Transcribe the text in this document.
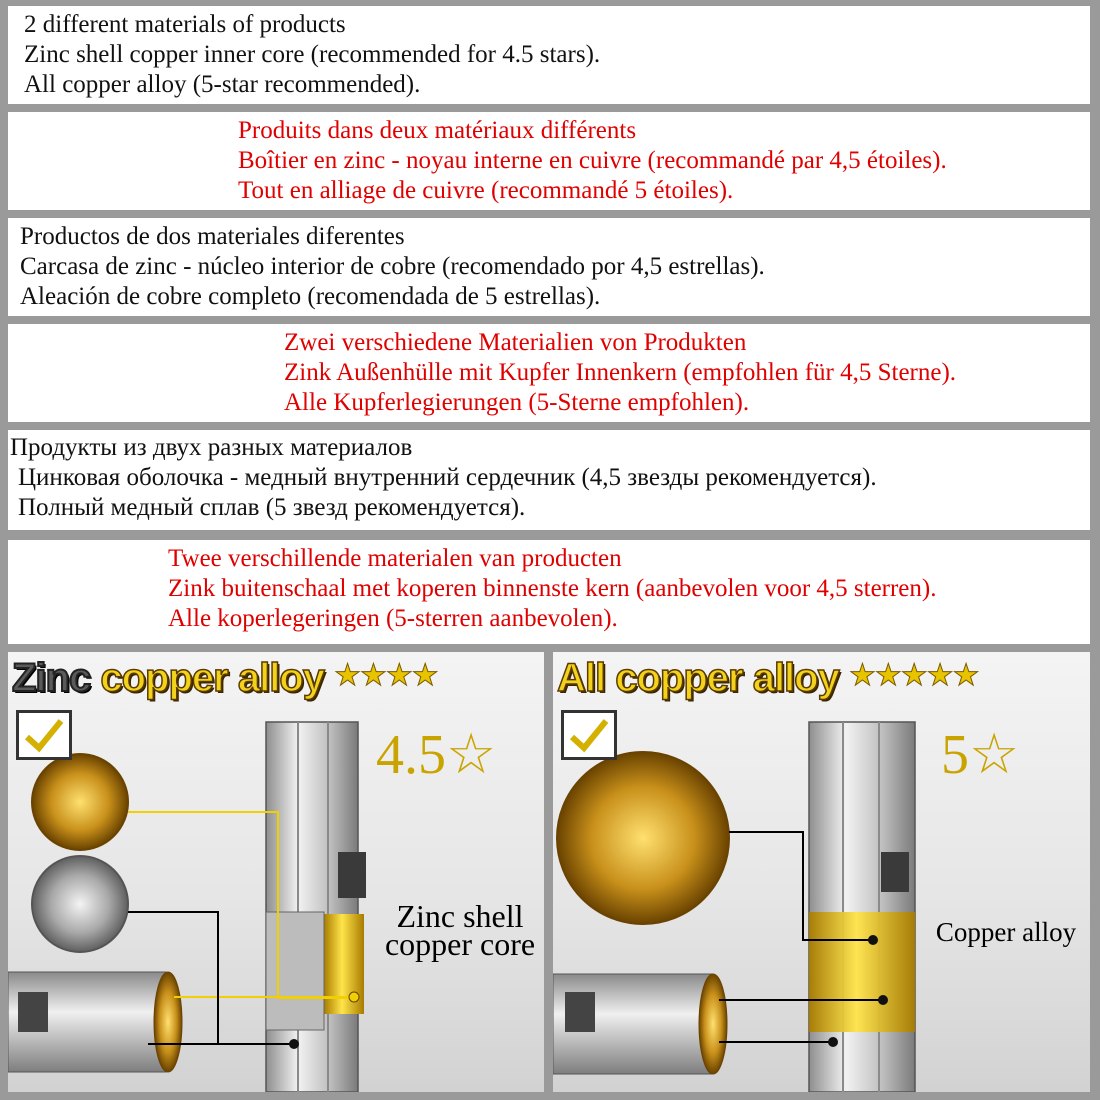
2 different materials of products
Zinc shell copper inner core (recommended for 4.5 stars).
All copper alloy (5-star recommended).
Produits dans deux matériaux différents
Boîtier en zinc - noyau interne en cuivre (recommandé par 4,5 étoiles).
Tout en alliage de cuivre (recommandé 5 étoiles).
Productos de dos materiales diferentes
Carcasa de zinc - núcleo interior de cobre (recomendado por 4,5 estrellas).
Aleación de cobre completo (recomendada de 5 estrellas).
Zwei verschiedene Materialien von Produkten
Zink Außenhülle mit Kupfer Innenkern (empfohlen für 4,5 Sterne).
Alle Kupferlegierungen (5-Sterne empfohlen).
Продукты из двух разных материалов
Цинковая оболочка - медный внутренний сердечник (4,5 звезды рекомендуется).
Полный медный сплав (5 звезд рекомендуется).
Twee verschillende materialen van producten
Zink buitenschaal met koperen binnenste kern (aanbevolen voor 4,5 sterren).
Alle koperlegeringen (5-sterren aanbevolen).
Zinc copper alloy ★★★★
4.5☆
Zinc shell
copper core
All copper alloy ★★★★★
5☆
Copper alloy
